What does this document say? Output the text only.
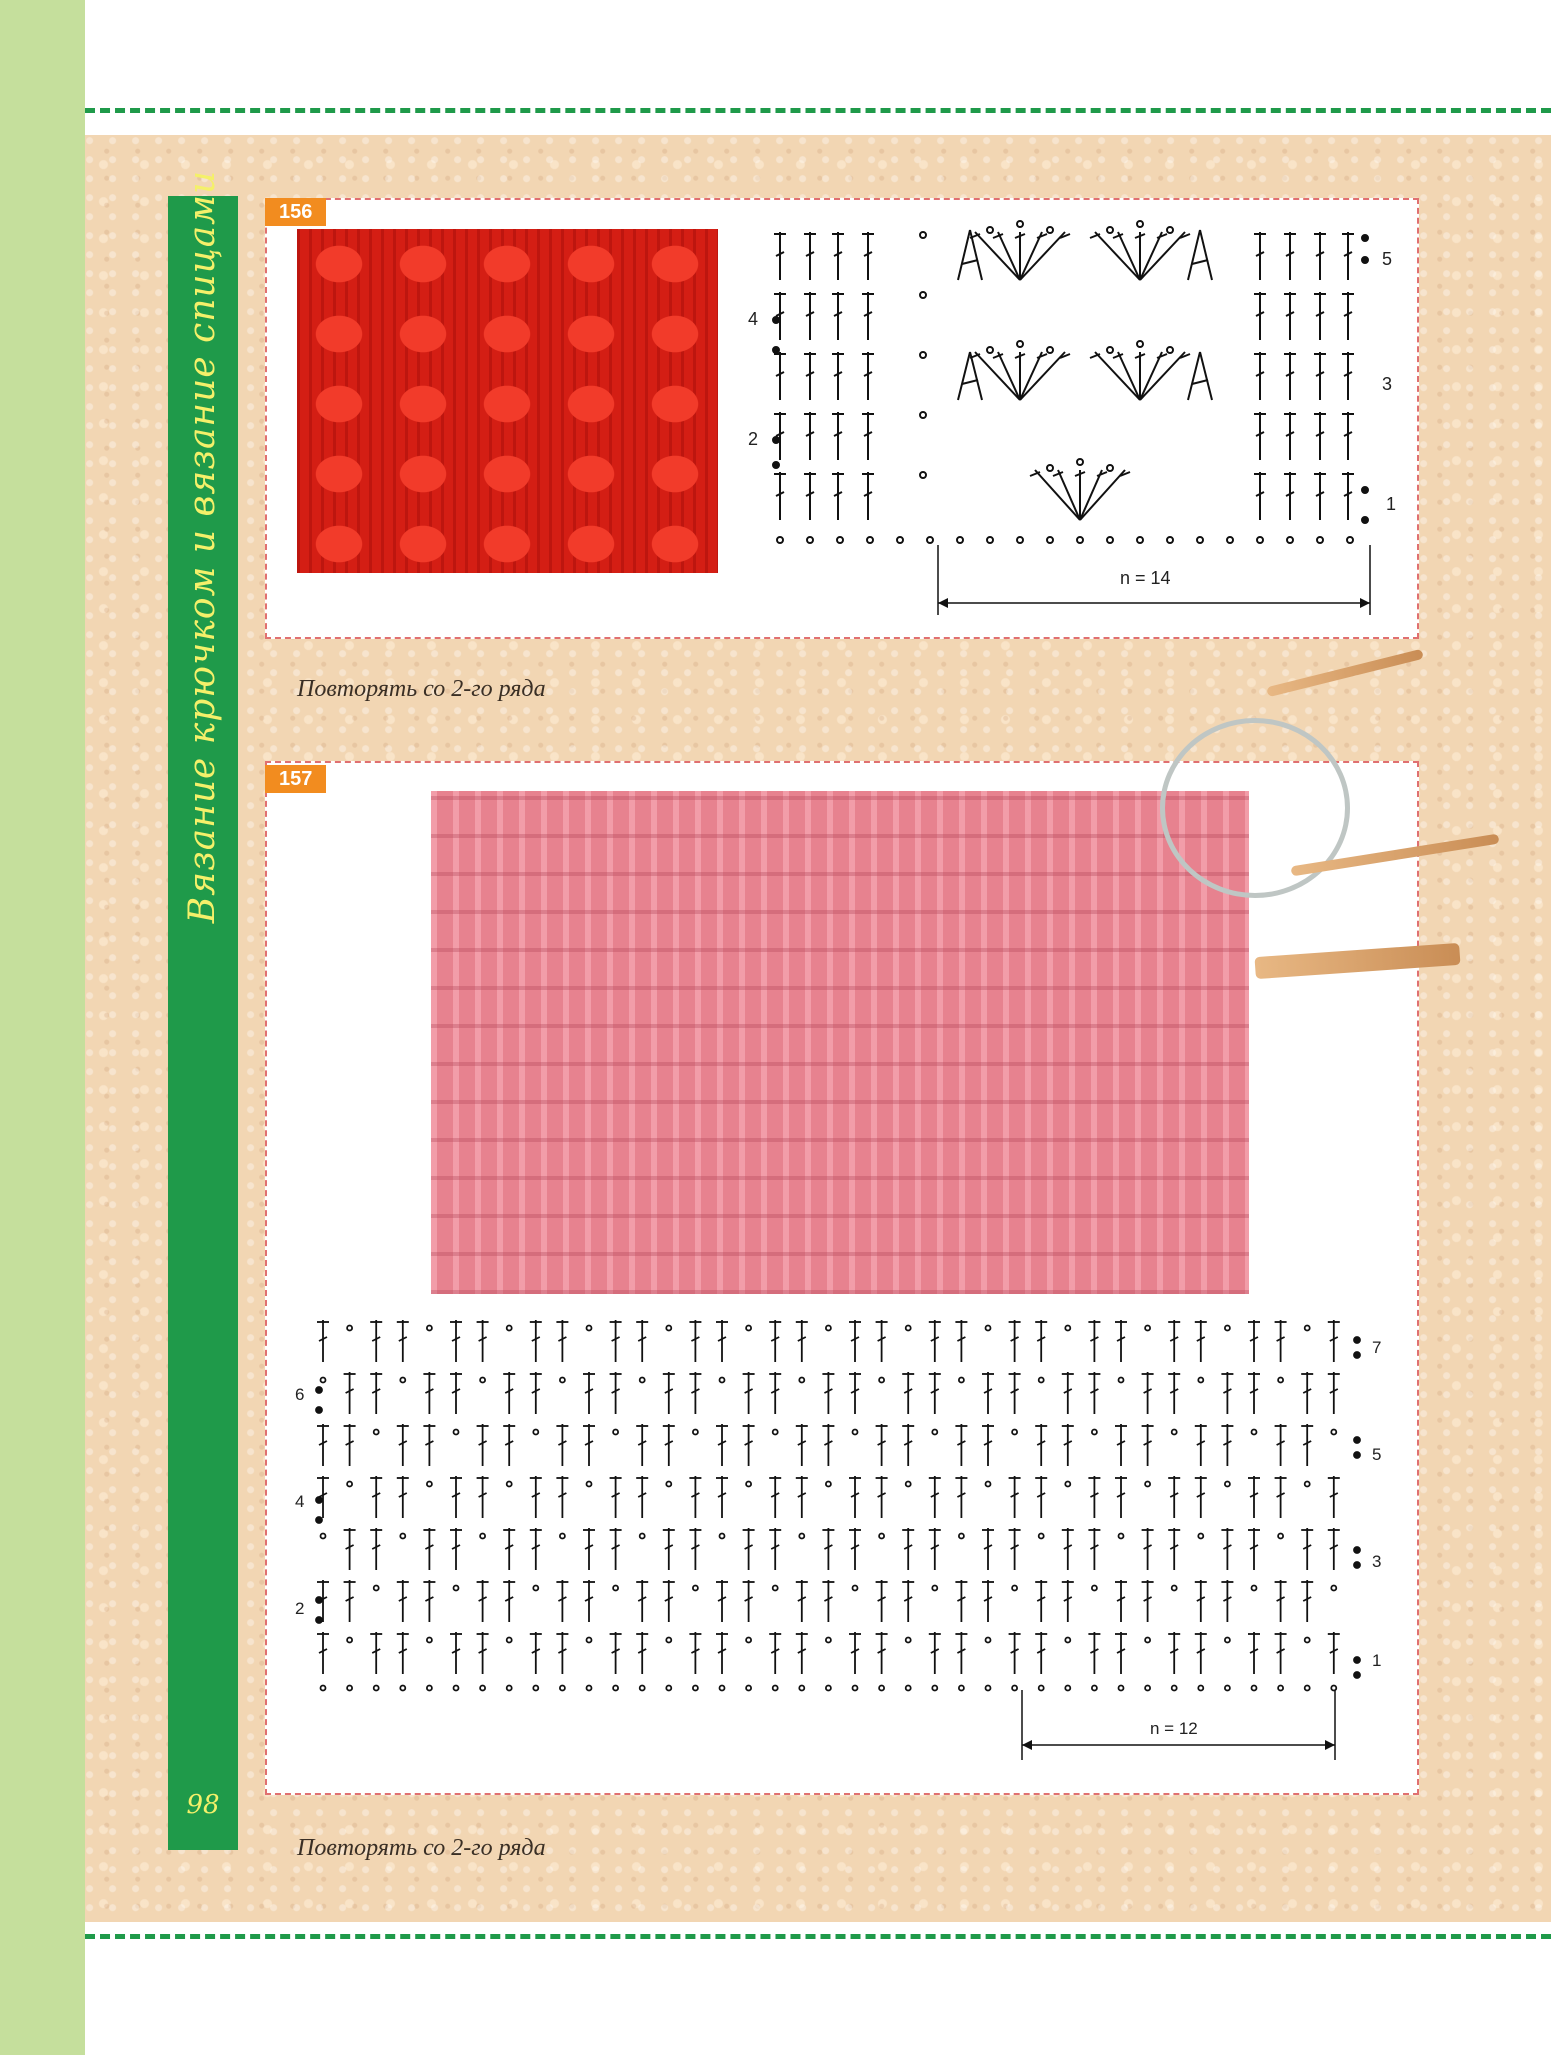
Вязание крючком и вязание спицами
98
156
4
2
5
3
1
n = 14
Повторять со 2-го ряда
157
6
4
2
7
5
3
1
n = 12
Повторять со 2-го ряда
